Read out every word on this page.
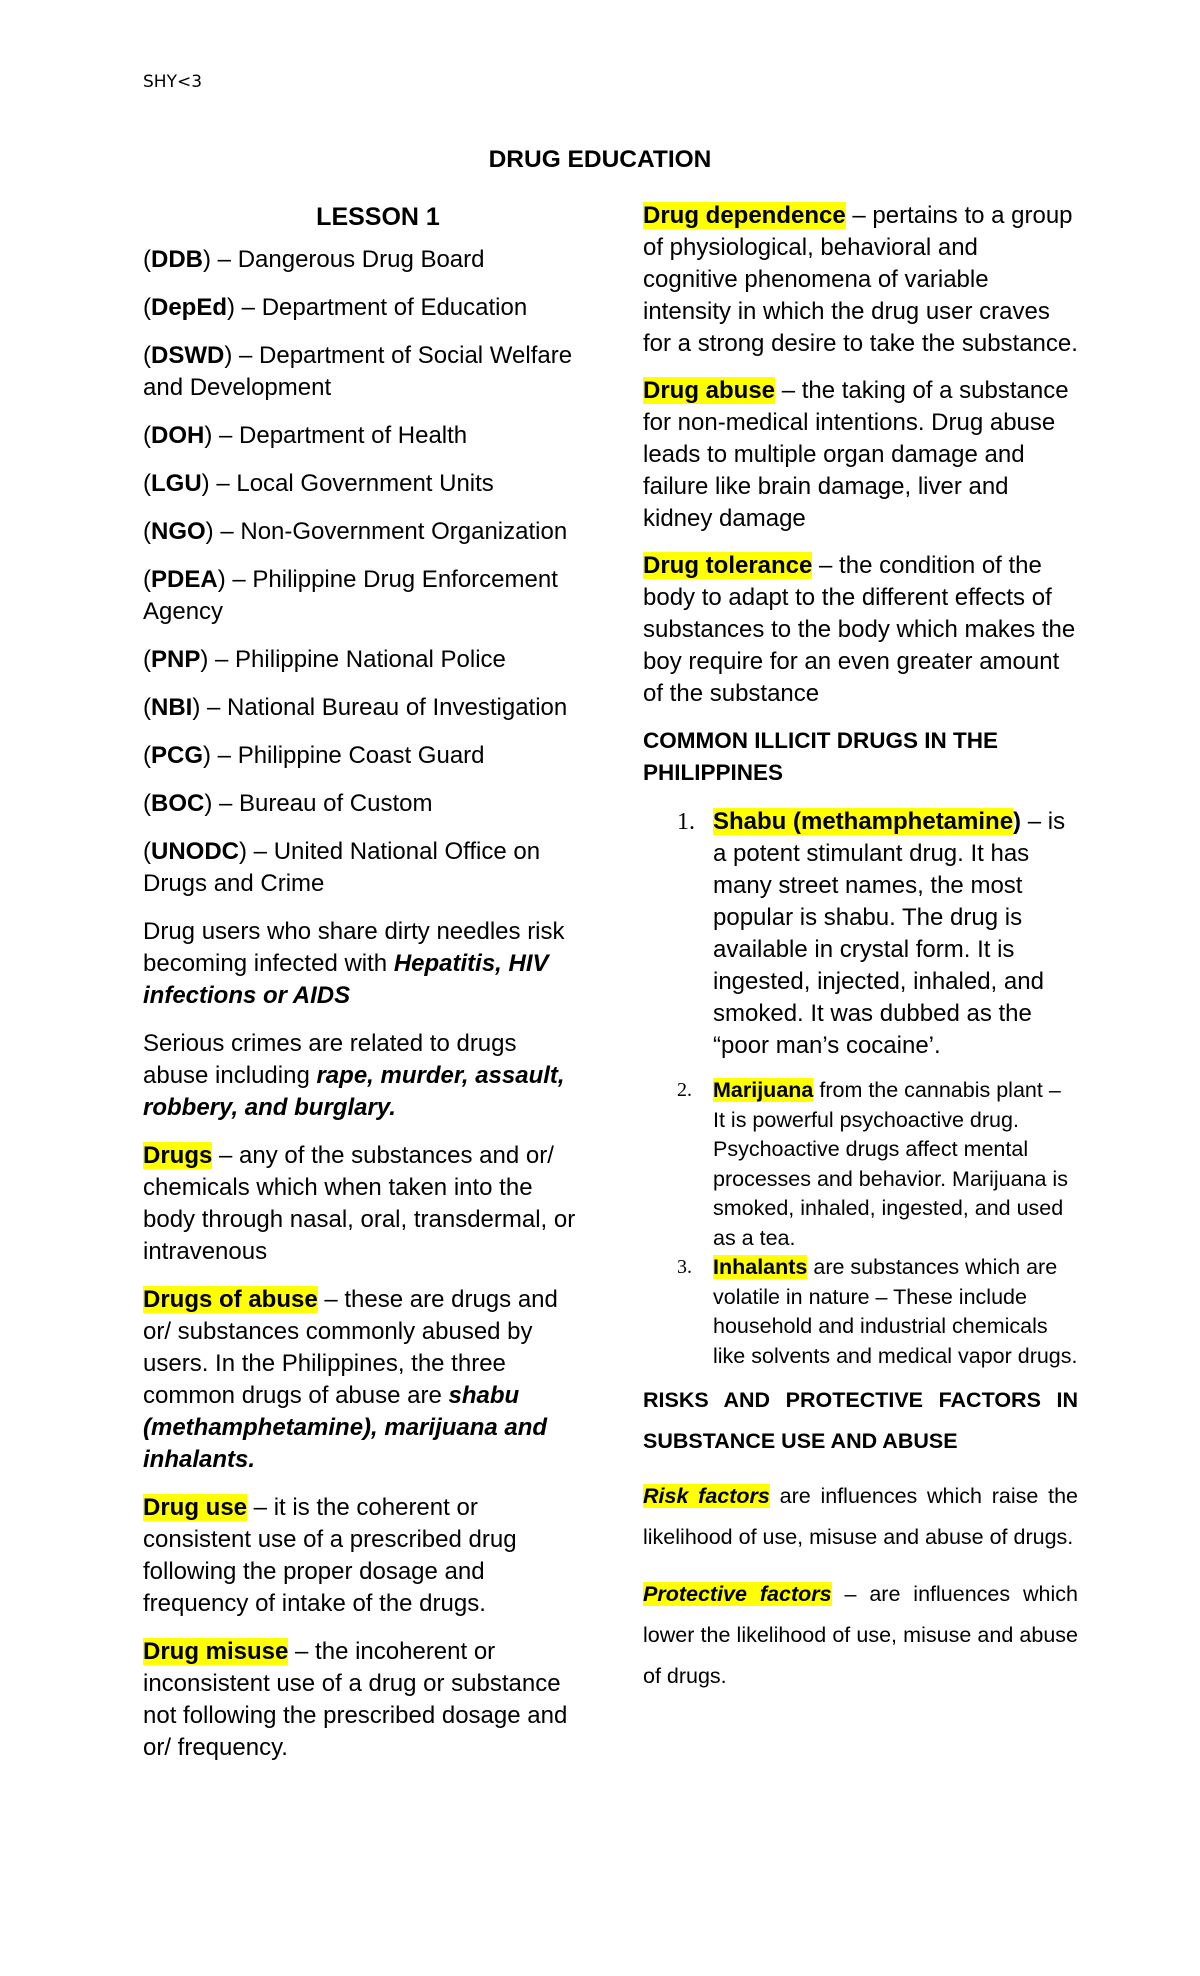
SHY<3
DRUG EDUCATION

LESSON 1

(DDB) – Dangerous Drug Board

(DepEd) – Department of Education

(DSWD) – Department of Social Welfare and Development

(DOH) – Department of Health

(LGU) – Local Government Units

(NGO) – Non-Government Organization

(PDEA) – Philippine Drug Enforcement Agency

(PNP) – Philippine National Police

(NBI) – National Bureau of Investigation

(PCG) – Philippine Coast Guard

(BOC) – Bureau of Custom

(UNODC) – United National Office on Drugs and Crime

Drug users who share dirty needles risk becoming infected with Hepatitis, HIV infections or AIDS

Serious crimes are related to drugs abuse including rape, murder, assault, robbery, and burglary.

Drugs – any of the substances and or/ chemicals which when taken into the body through nasal, oral, transdermal, or intravenous

Drugs of abuse – these are drugs and or/ substances commonly abused by users. In the Philippines, the three common drugs of abuse are shabu (methamphetamine), marijuana and inhalants.

Drug use – it is the coherent or consistent use of a prescribed drug following the proper dosage and frequency of intake of the drugs.

Drug misuse – the incoherent or inconsistent use of a drug or substance not following the prescribed dosage and or/ frequency.

Drug dependence – pertains to a group of physiological, behavioral and cognitive phenomena of variable intensity in which the drug user craves for a strong desire to take the substance.

Drug abuse – the taking of a substance for non-medical intentions. Drug abuse leads to multiple organ damage and failure like brain damage, liver and kidney damage

Drug tolerance – the condition of the body to adapt to the different effects of substances to the body which makes the boy require for an even greater amount of the substance

COMMON ILLICIT DRUGS IN THE PHILIPPINES

1. Shabu (methamphetamine) – is a potent stimulant drug. It has many street names, the most popular is shabu. The drug is available in crystal form. It is ingested, injected, inhaled, and smoked. It was dubbed as the “poor man’s cocaine’.
2. Marijuana from the cannabis plant – It is powerful psychoactive drug. Psychoactive drugs affect mental processes and behavior. Marijuana is smoked, inhaled, ingested, and used as a tea.
3. Inhalants are substances which are volatile in nature – These include household and industrial chemicals like solvents and medical vapor drugs.

RISKS AND PROTECTIVE FACTORS IN SUBSTANCE USE AND ABUSE

Risk factors are influences which raise the likelihood of use, misuse and abuse of drugs.

Protective factors – are influences which lower the likelihood of use, misuse and abuse of drugs.
